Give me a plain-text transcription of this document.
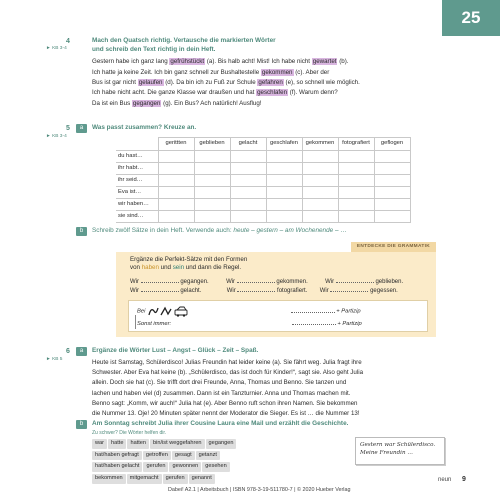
25
4
► KB 3-4
Mach den Quatsch richtig. Vertausche die markierten Wörter
und schreib den Text richtig in dein Heft.
Gestern habe ich ganz lang gefrühstückt (a). Bis halb acht! Mist! Ich habe nicht gewartet (b).
Ich hatte ja keine Zeit. Ich bin ganz schnell zur Bushaltestelle gekommen (c). Aber der
Bus ist gar nicht gelaufen (d). Da bin ich zu Fuß zur Schule gefahren (e), so schnell wie möglich.
Ich habe nicht acht. Die ganze Klasse war draußen und hat geschlafen (f). Warum denn?
Da ist ein Bus gegangen (g). Ein Bus? Ach natürlich! Ausflug!
5	a
► KB 3-4
Was passt zusammen? Kreuze an.
	gerittten	geblieben	gelacht	geschlafen	gekommen	fotografiert	geflogen
du hast…							
ihr habt…							
ihr seid…							
Eva ist…							
wir haben…							
sie sind…							
b	Schreib zwölf Sätze in dein Heft. Verwende auch: heute – gestern – am Wochenende – …
ENTDECKE DIE GRAMMATIK
Ergänze die Perfekt-Sätze mit den Formen
von haben und sein und dann die Regel.
Wir	gegangen.	Wir	gekommen.	Wir	geblieben.
Wir	gelacht.	Wir	fotografiert. Wir	gegessen.
Bei	+ Partizip
Sonst immer:	+ Partizip
6	a
► KB 5
Ergänze die Wörter Lust – Angst – Glück – Zeit – Spaß.
Heute ist Samstag, Schülerdisco! Julias Freundin hat leider keine (a). Sie fährt weg. Julia fragt ihre
Schwester. Aber Eva hat keine (b). „Schülerdisco, das ist doch für Kinder!“, sagt sie. Also geht Julia
allein. Doch sie hat (c). Sie trifft dort drei Freunde, Anna, Thomas und Benno. Sie tanzen und
lachen und haben viel (d) zusammen. Dann ist ein Tanzturnier. Anna und Thomas machen mit.
Benno sagt: „Komm, wir auch!“ Julia hat (e). Aber Benno ruft schon ihren Namen. Sie bekommen
die Nummer 13. Oje! 20 Minuten später nennt der Moderator die Sieger. Es ist … die Nummer 13!
b	Am Sonntag schreibt Julia ihrer Cousine Laura eine Mail und erzählt die Geschichte.
Zu schwer? Die Wörter helfen dir.
war hatte hatten bin/ist weggefahren gegangen
hat/haben gefragt getroffen gesagt getanzt
hat/haben gelacht gerufen gewonnen gesehen
bekommen mitgemacht gerufen genannt
Gestern war Schülerdisco.
Meine Freundin …
neun 9
Dabei! A2.1 | Arbeitsbuch | ISBN 978-3-19-511780-7 | © 2020 Hueber Verlag
